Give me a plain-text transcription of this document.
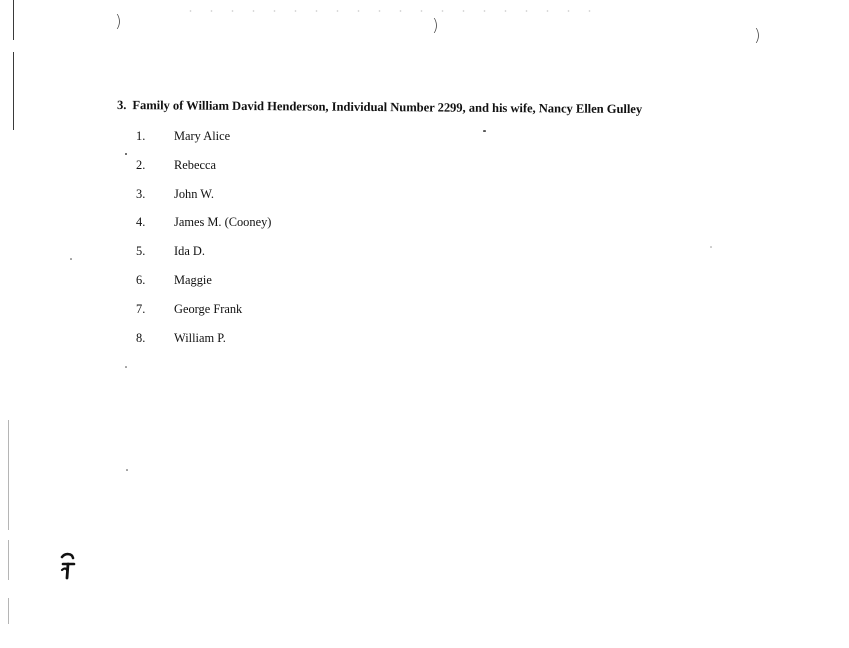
)	)	)
3. Family of William David Henderson, Individual Number 2299, and his wife, Nancy Ellen Gulley
1.	Mary Alice
2.	Rebecca
3.	John W.
4.	James M. (Cooney)
5.	Ida D.
6.	Maggie
7.	George Frank
8.	William P.
